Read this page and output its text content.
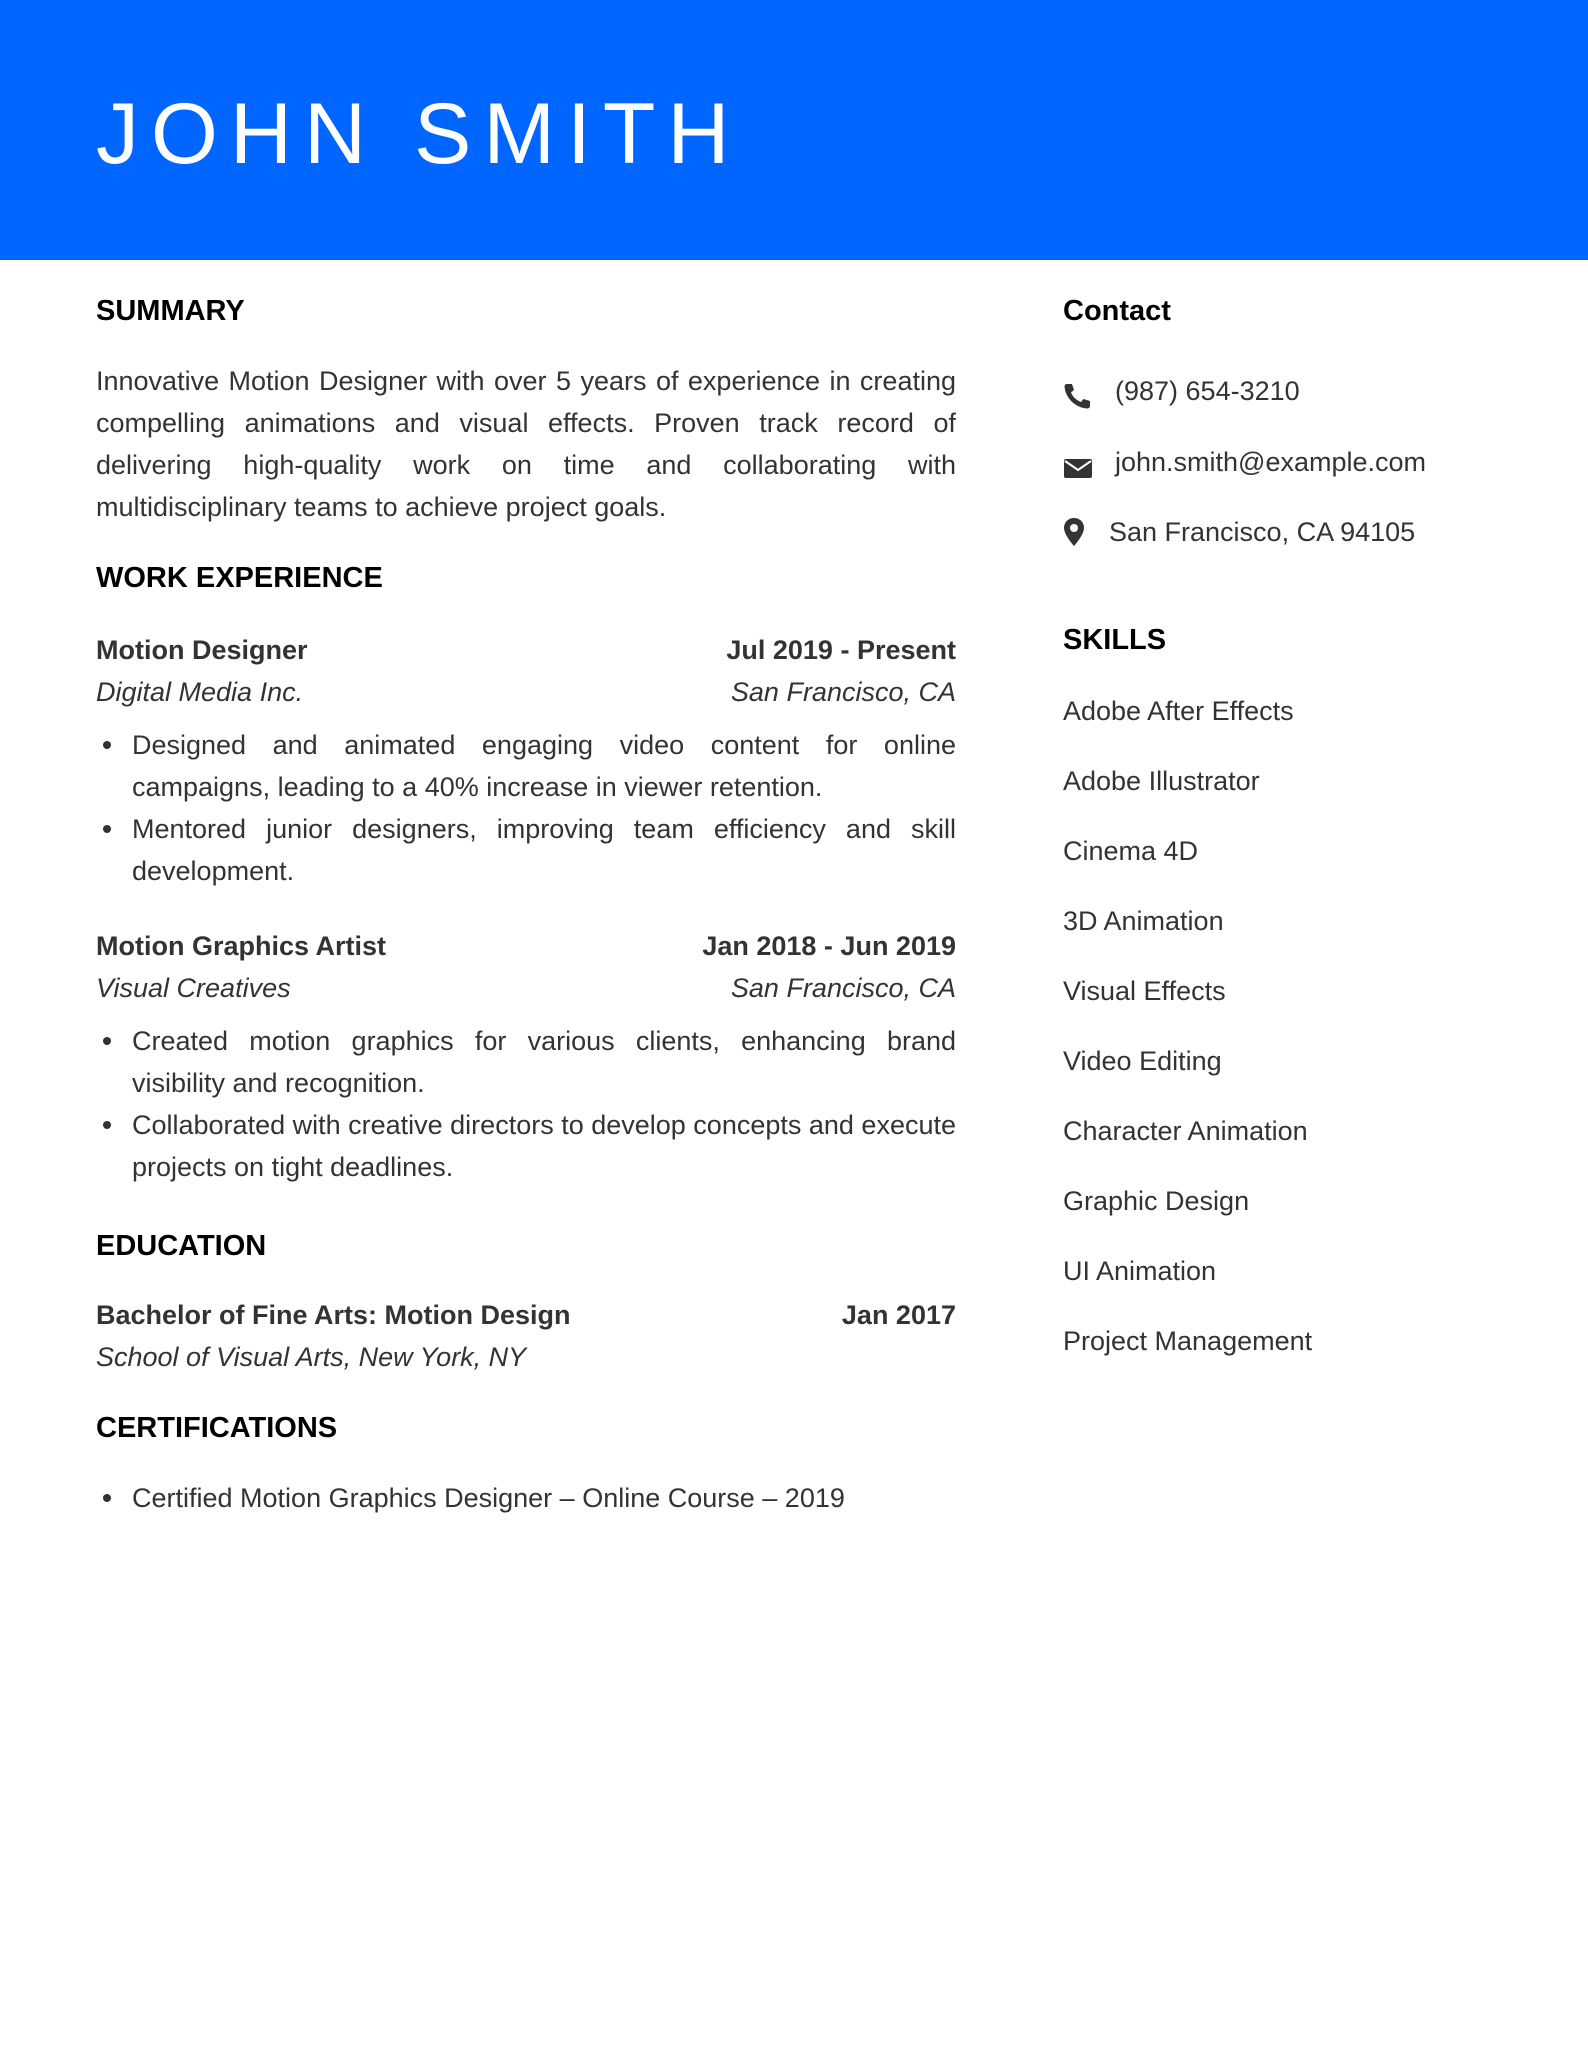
JOHN SMITH
SUMMARY
Innovative Motion Designer with over 5 years of experience in creating compelling animations and visual effects. Proven track record of delivering high-quality work on time and collaborating with multidisciplinary teams to achieve project goals.
WORK EXPERIENCE
Motion Designer	Jul 2019 - Present
Digital Media Inc.	San Francisco, CA
Designed and animated engaging video content for online campaigns, leading to a 40% increase in viewer retention.
Mentored junior designers, improving team efficiency and skill development.
Motion Graphics Artist	Jan 2018 - Jun 2019
Visual Creatives	San Francisco, CA
Created motion graphics for various clients, enhancing brand visibility and recognition.
Collaborated with creative directors to develop concepts and execute projects on tight deadlines.
EDUCATION
Bachelor of Fine Arts: Motion Design	Jan 2017
School of Visual Arts, New York, NY
CERTIFICATIONS
Certified Motion Graphics Designer – Online Course – 2019
Contact
(987) 654-3210
john.smith@example.com
San Francisco, CA 94105
SKILLS
Adobe After Effects
Adobe Illustrator
Cinema 4D
3D Animation
Visual Effects
Video Editing
Character Animation
Graphic Design
UI Animation
Project Management
